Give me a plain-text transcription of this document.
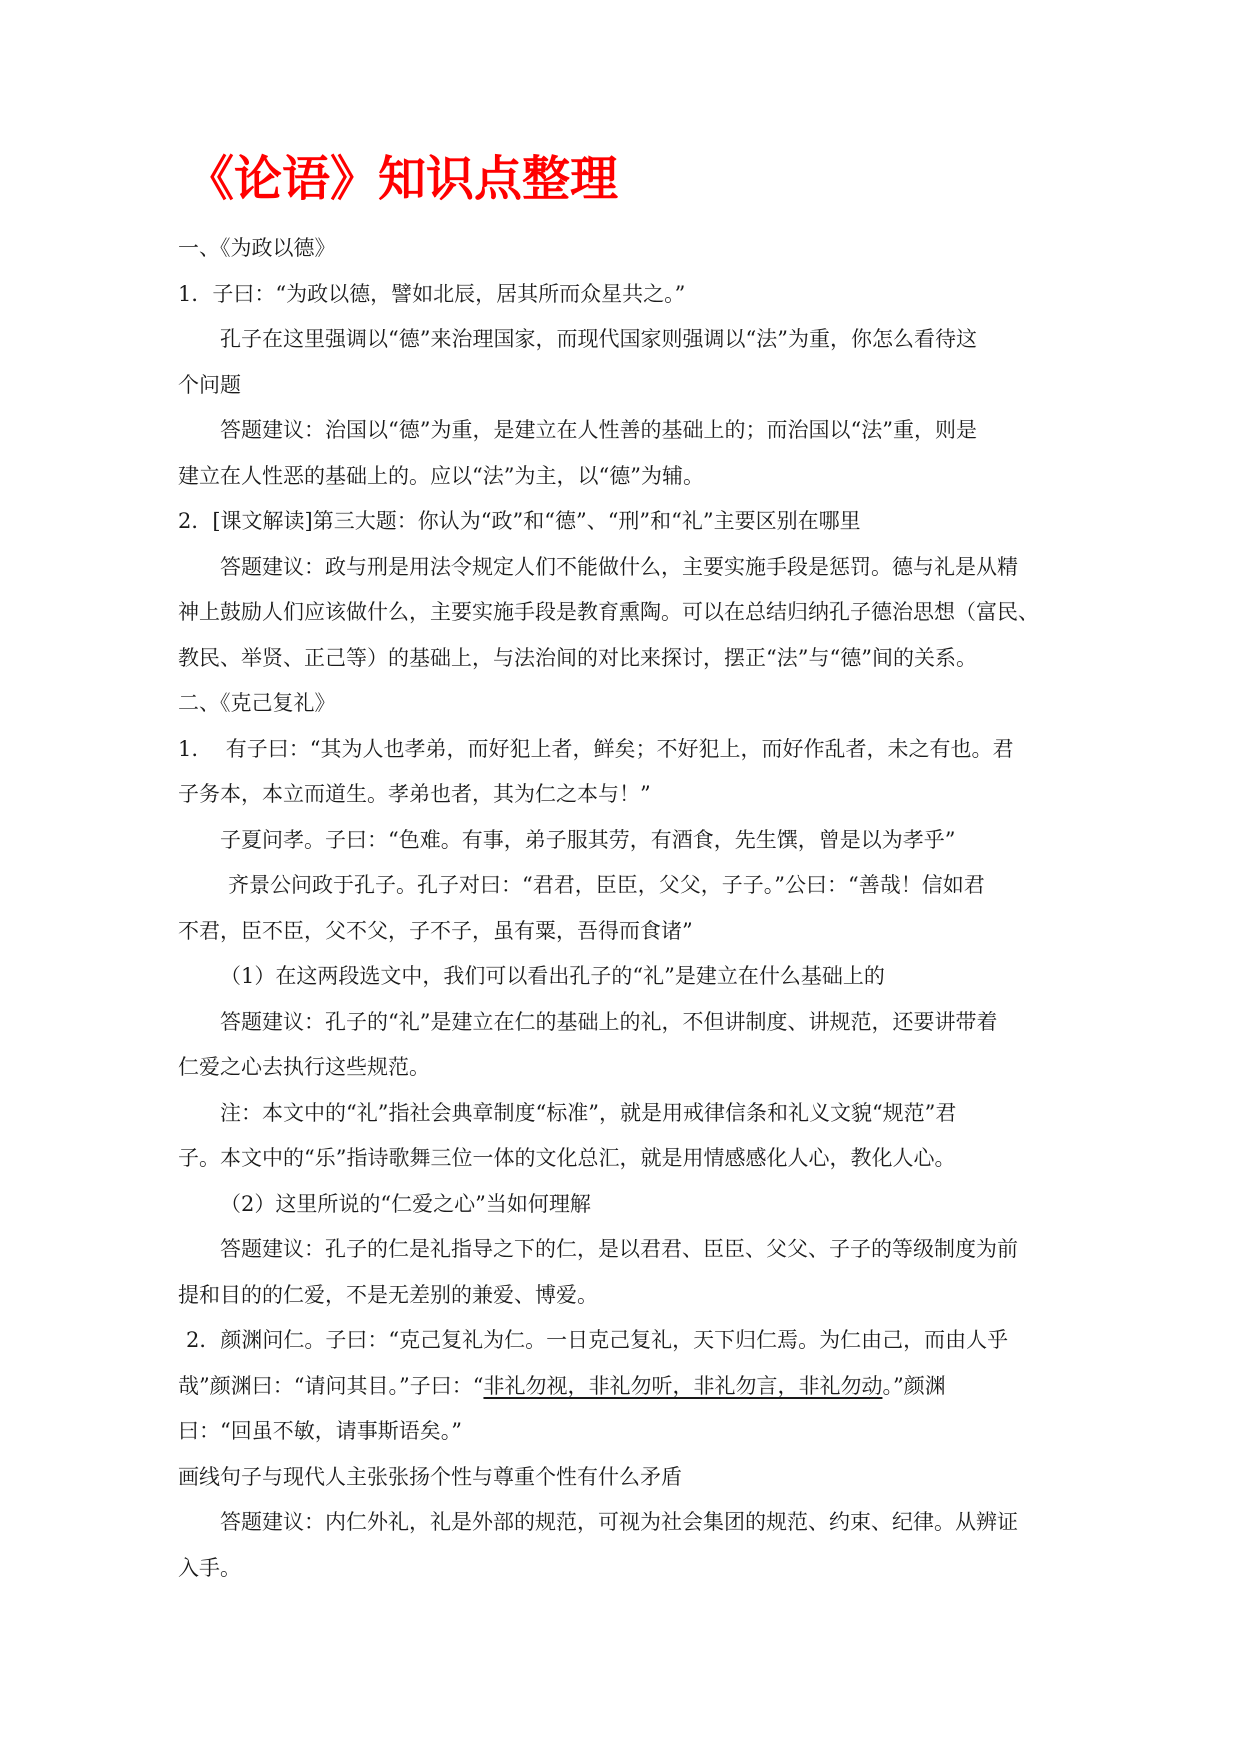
《论语》知识点整理
一、《为政以德》
1．子曰：“为政以德，譬如北辰，居其所而众星共之。”
孔子在这里强调以“德”来治理国家，而现代国家则强调以“法”为重，你怎么看待这
个问题
答题建议：治国以“德”为重，是建立在人性善的基础上的；而治国以“法”重，则是
建立在人性恶的基础上的。应以“法”为主，以“德”为辅。
2．[课文解读]第三大题：你认为“政”和“德”、“刑”和“礼”主要区别在哪里
答题建议：政与刑是用法令规定人们不能做什么，主要实施手段是惩罚。德与礼是从精
神上鼓励人们应该做什么，主要实施手段是教育熏陶。可以在总结归纳孔子德治思想（富民、
教民、举贤、正己等）的基础上，与法治间的对比来探讨，摆正“法”与“德”间的关系。
二、《克己复礼》
1.　 有子曰：“其为人也孝弟，而好犯上者，鲜矣；不好犯上，而好作乱者，未之有也。君
子务本，本立而道生。孝弟也者，其为仁之本与！”
子夏问孝。子曰：“色难。有事，弟子服其劳，有酒食，先生馔，曾是以为孝乎”
齐景公问政于孔子。孔子对曰：“君君，臣臣，父父，子子。”公曰：“善哉！信如君
不君，臣不臣，父不父，子不子，虽有粟，吾得而食诸”
（1）在这两段选文中，我们可以看出孔子的“礼”是建立在什么基础上的
答题建议：孔子的“礼”是建立在仁的基础上的礼，不但讲制度、讲规范，还要讲带着
仁爱之心去执行这些规范。
注：本文中的“礼”指社会典章制度“标准”，就是用戒律信条和礼义文貌“规范”君
子。本文中的“乐”指诗歌舞三位一体的文化总汇，就是用情感感化人心，教化人心。
（2）这里所说的“仁爱之心”当如何理解
答题建议：孔子的仁是礼指导之下的仁，是以君君、臣臣、父父、子子的等级制度为前
提和目的的仁爱，不是无差别的兼爱、博爱。
2．颜渊问仁。子曰：“克己复礼为仁。一日克己复礼，天下归仁焉。为仁由己，而由人乎
哉”颜渊曰：“请问其目。”子曰：“非礼勿视，非礼勿听，非礼勿言，非礼勿动。”颜渊
曰：“回虽不敏，请事斯语矣。”
画线句子与现代人主张张扬个性与尊重个性有什么矛盾
答题建议：内仁外礼，礼是外部的规范，可视为社会集团的规范、约束、纪律。从辨证
入手。
